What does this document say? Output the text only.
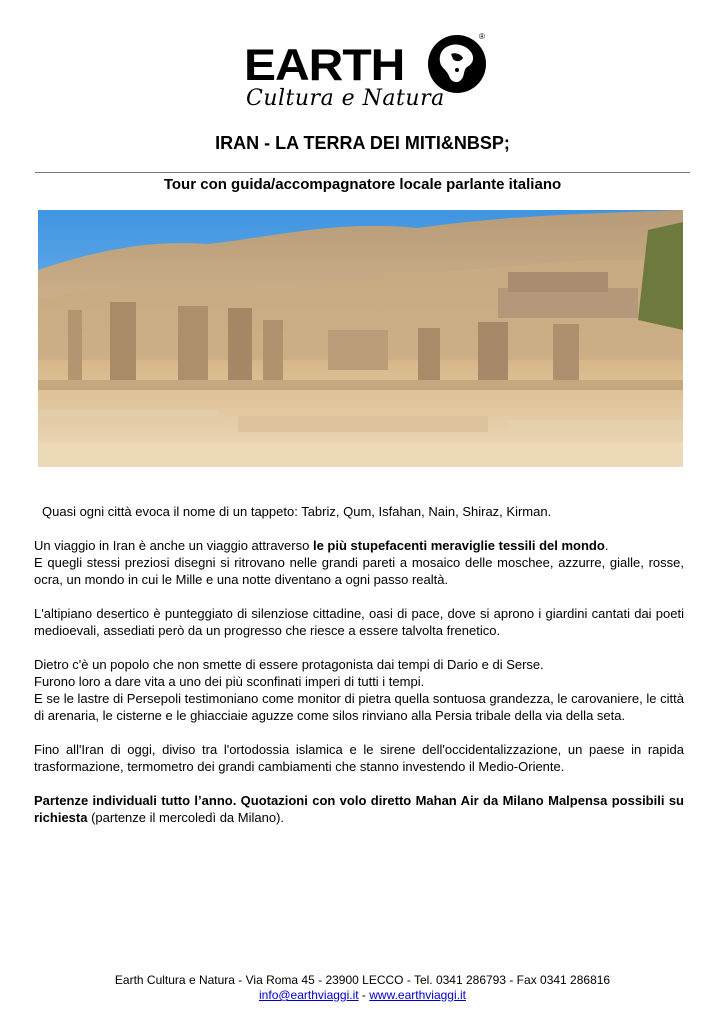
EARTH
®
Cultura e Natura
IRAN - LA TERRA DEI MITI&NBSP;
Tour con guida/accompagnatore locale parlante italiano

Quasi ogni città evoca il nome di un tappeto: Tabriz, Qum, Isfahan, Nain, Shiraz, Kirman.

Un viaggio in Iran è anche un viaggio attraverso le più stupefacenti meraviglie tessili del mondo.
E quegli stessi preziosi disegni si ritrovano nelle grandi pareti a mosaico delle moschee, azzurre, gialle, rosse, ocra, un mondo in cui le Mille e una notte diventano a ogni passo realtà.

L'altipiano desertico è punteggiato di silenziose cittadine, oasi di pace, dove si aprono i giardini cantati dai poeti medioevali, assediati però da un progresso che riesce a essere talvolta frenetico.

Dietro c'è un popolo che non smette di essere protagonista dai tempi di Dario e di Serse.
Furono loro a dare vita a uno dei più sconfinati imperi di tutti i tempi.
E se le lastre di Persepoli testimoniano come monitor di pietra quella sontuosa grandezza, le carovaniere, le città di arenaria, le cisterne e le ghiacciaie aguzze come silos rinviano alla Persia tribale della via della seta.

Fino all'Iran di oggi, diviso tra l'ortodossia islamica e le sirene dell'occidentalizzazione, un paese in rapida trasformazione, termometro dei grandi cambiamenti che stanno investendo il Medio-Oriente.

Partenze individuali tutto l’anno. Quotazioni con volo diretto Mahan Air da Milano Malpensa possibili su richiesta (partenze il mercoledì da Milano).

Earth Cultura e Natura - Via Roma 45 - 23900 LECCO - Tel. 0341 286793 - Fax 0341 286816
info@earthviaggi.it - www.earthviaggi.it
